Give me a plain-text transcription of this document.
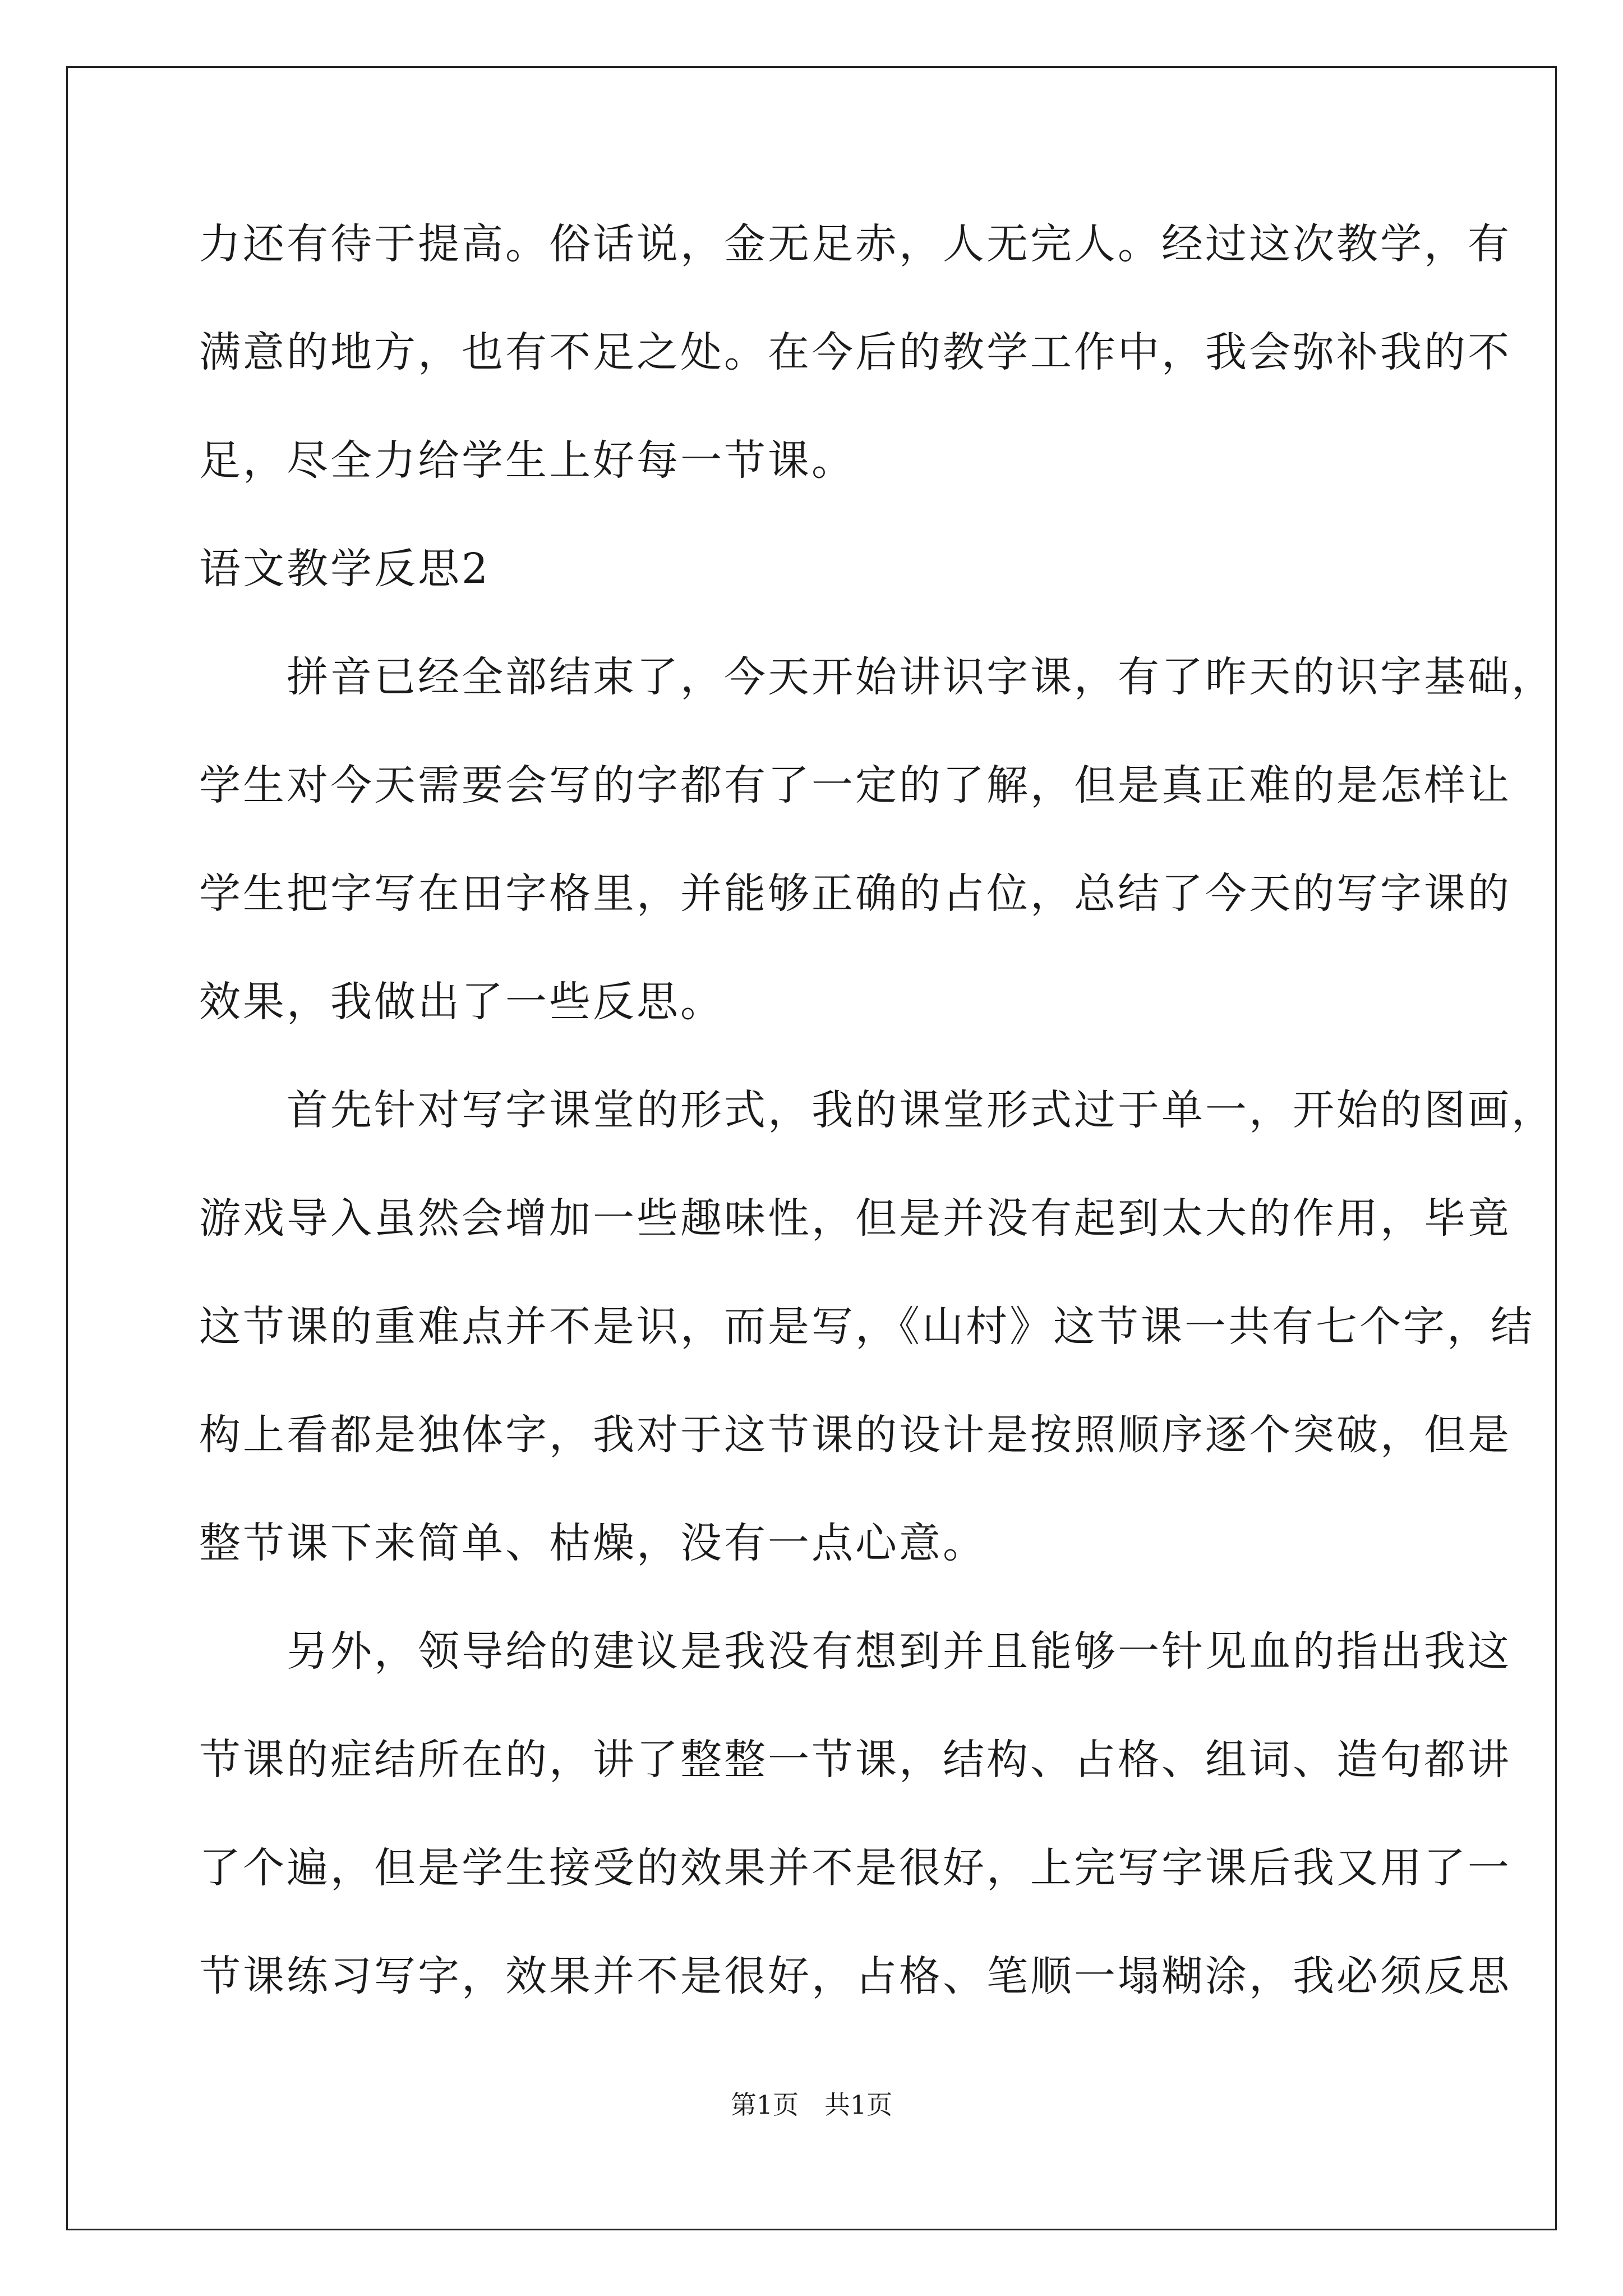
力还有待于提高。俗话说，金无足赤，人无完人。经过这次教学，有
满意的地方，也有不足之处。在今后的教学工作中，我会弥补我的不
足，尽全力给学生上好每一节课。
语文教学反思2
　　拼音已经全部结束了，今天开始讲识字课，有了昨天的识字基础，
学生对今天需要会写的字都有了一定的了解，但是真正难的是怎样让
学生把字写在田字格里，并能够正确的占位，总结了今天的写字课的
效果，我做出了一些反思。
　　首先针对写字课堂的形式，我的课堂形式过于单一，开始的图画，
游戏导入虽然会增加一些趣味性，但是并没有起到太大的作用，毕竟
这节课的重难点并不是识，而是写，《山村》这节课一共有七个字，结
构上看都是独体字，我对于这节课的设计是按照顺序逐个突破，但是
整节课下来简单、枯燥，没有一点心意。
　　另外，领导给的建议是我没有想到并且能够一针见血的指出我这
节课的症结所在的，讲了整整一节课，结构、占格、组词、造句都讲
了个遍，但是学生接受的效果并不是很好，上完写字课后我又用了一
节课练习写字，效果并不是很好，占格、笔顺一塌糊涂，我必须反思
第1页　共1页
